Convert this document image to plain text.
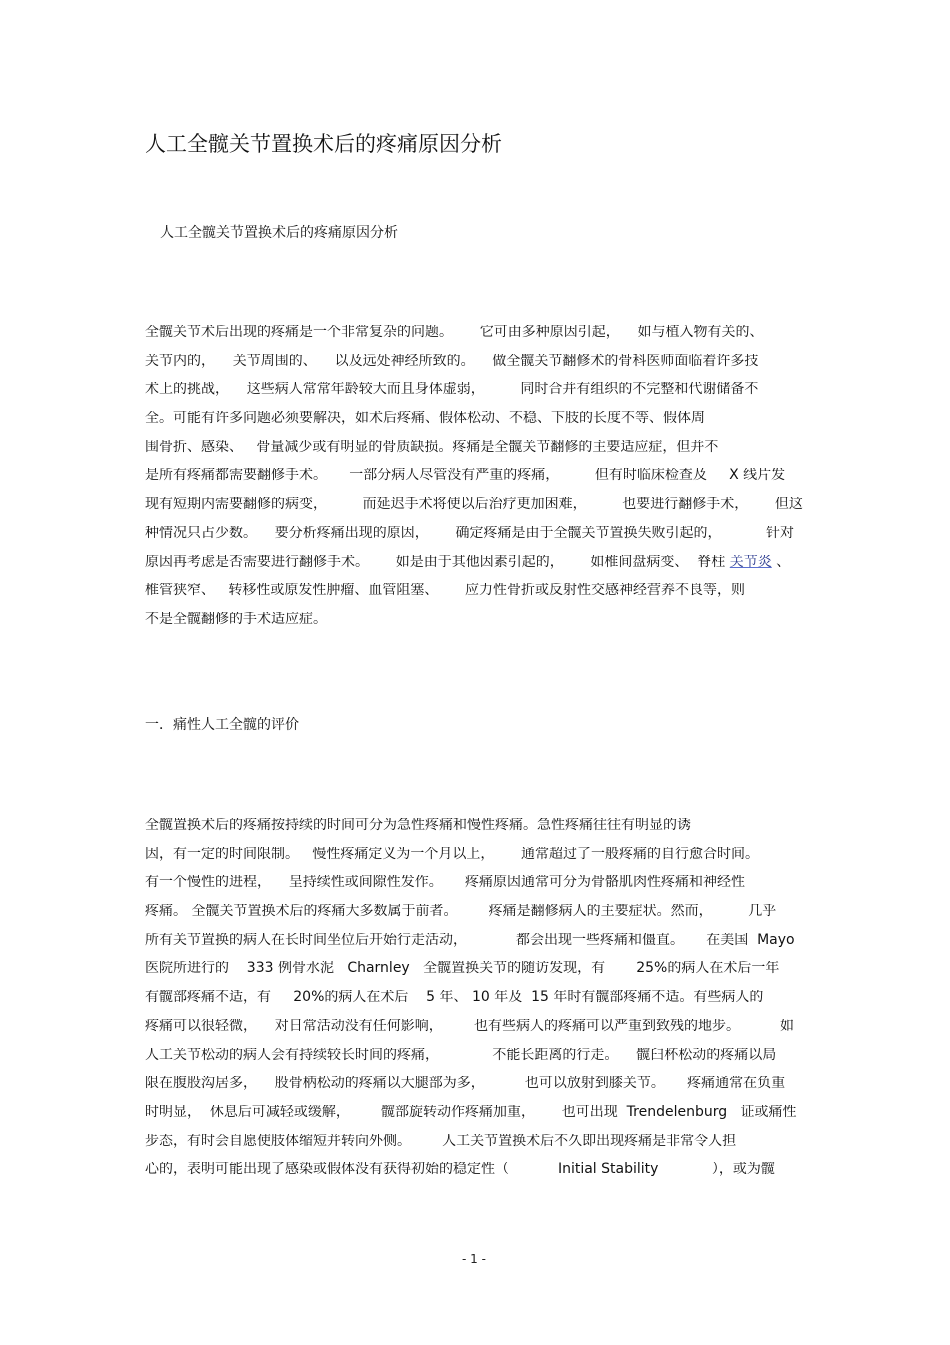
人工全髋关节置换术后的疼痛原因分析
人工全髋关节置换术后的疼痛原因分析
全髋关节术后出现的疼痛是一个非常复杂的问题。      它可由多种原因引起，    如与植入物有关的、
关节内的，    关节周围的、    以及远处神经所致的。    做全髋关节翻修术的骨科医师面临着许多技
术上的挑战，    这些病人常常年龄较大而且身体虚弱，        同时合并有组织的不完整和代谢储备不
全。可能有许多问题必须要解决，如术后疼痛、假体松动、不稳、下肢的长度不等、假体周
围骨折、感染、   骨量减少或有明显的骨质缺损。疼痛是全髋关节翻修的主要适应症，但并不
是所有疼痛都需要翻修手术。     一部分病人尽管没有严重的疼痛，        但有时临床检查及     X 线片发
现有短期内需要翻修的病变，        而延迟手术将使以后治疗更加困难，        也要进行翻修手术，      但这
种情况只占少数。    要分析疼痛出现的原因，      确定疼痛是由于全髋关节置换失败引起的，          针对
原因再考虑是否需要进行翻修手术。      如是由于其他因素引起的，      如椎间盘病变、  脊柱 关节炎 、
椎管狭窄、   转移性或原发性肿瘤、血管阻塞、      应力性骨折或反射性交感神经营养不良等，则
不是全髋翻修的手术适应症。
一．痛性人工全髋的评价
全髋置换术后的疼痛按持续的时间可分为急性疼痛和慢性疼痛。急性疼痛往往有明显的诱
因，有一定的时间限制。   慢性疼痛定义为一个月以上，      通常超过了一般疼痛的自行愈合时间。
有一个慢性的进程，    呈持续性或间隙性发作。     疼痛原因通常可分为骨骼肌肉性疼痛和神经性
疼痛。 全髋关节置换术后的疼痛大多数属于前者。       疼痛是翻修病人的主要症状。然而，        几乎
所有关节置换的病人在长时间坐位后开始行走活动，           都会出现一些疼痛和僵直。     在美国  Mayo
医院所进行的    333 例骨水泥   Charnley   全髋置换关节的随访发现，有       25%的病人在术后一年
有髋部疼痛不适，有     20%的病人在术后    5 年、 10 年及  15 年时有髋部疼痛不适。有些病人的
疼痛可以很轻微，    对日常活动没有任何影响，       也有些病人的疼痛可以严重到致残的地步。         如
人工关节松动的病人会有持续较长时间的疼痛，            不能长距离的行走。    髋臼杯松动的疼痛以局
限在腹股沟居多，    股骨柄松动的疼痛以大腿部为多，         也可以放射到膝关节。     疼痛通常在负重
时明显，  休息后可减轻或缓解，       髋部旋转动作疼痛加重，      也可出现  Trendelenburg   证或痛性
步态，有时会自愿使肢体缩短并转向外侧。       人工关节置换术后不久即出现疼痛是非常令人担
心的，表明可能出现了感染或假体没有获得初始的稳定性（           Initial Stability            ），或为髋
- 1 -
